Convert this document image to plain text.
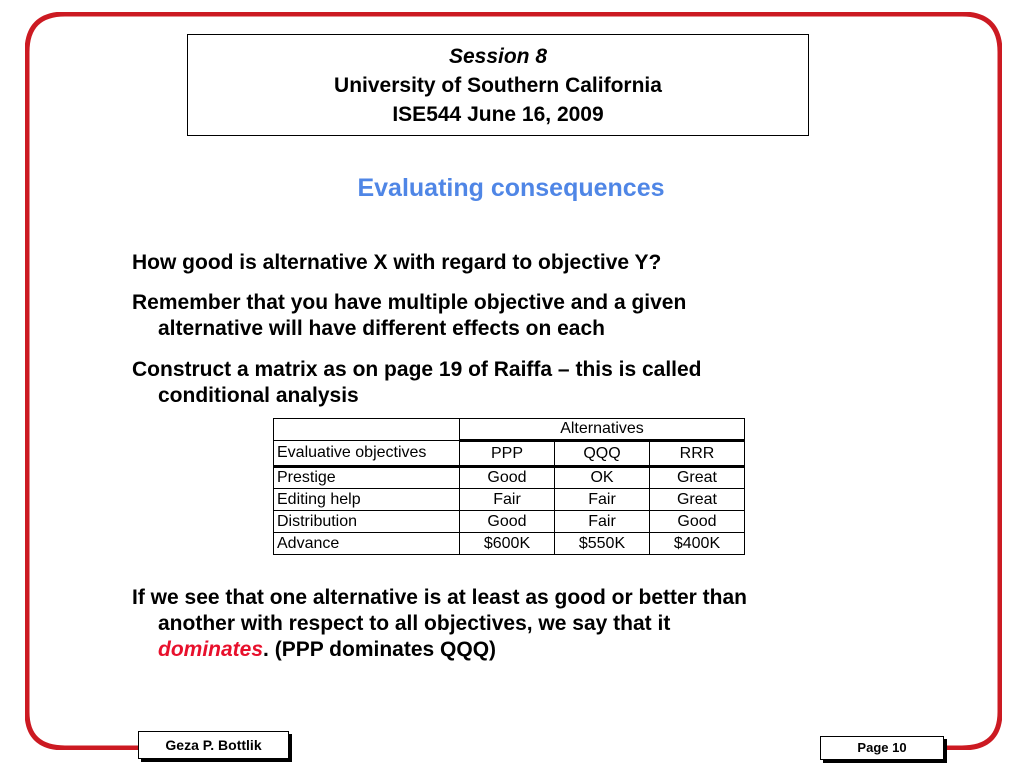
Session 8
University of Southern California
ISE544 June 16, 2009
Evaluating consequences
How good is alternative X with regard to objective Y?
Remember that you have multiple objective and a given
alternative will have different effects on each
Construct a matrix as on page 19 of Raiffa – this is called
conditional analysis
	Alternatives		
Evaluative objectives	PPP	QQQ	RRR
Prestige	Good	OK	Great
Editing help	Fair	Fair	Great
Distribution	Good	Fair	Good
Advance	$600K	$550K	$400K
If we see that one alternative is at least as good or better than
another with respect to all objectives, we say that it
dominates. (PPP dominates QQQ)
Geza P. Bottlik	Page 10
